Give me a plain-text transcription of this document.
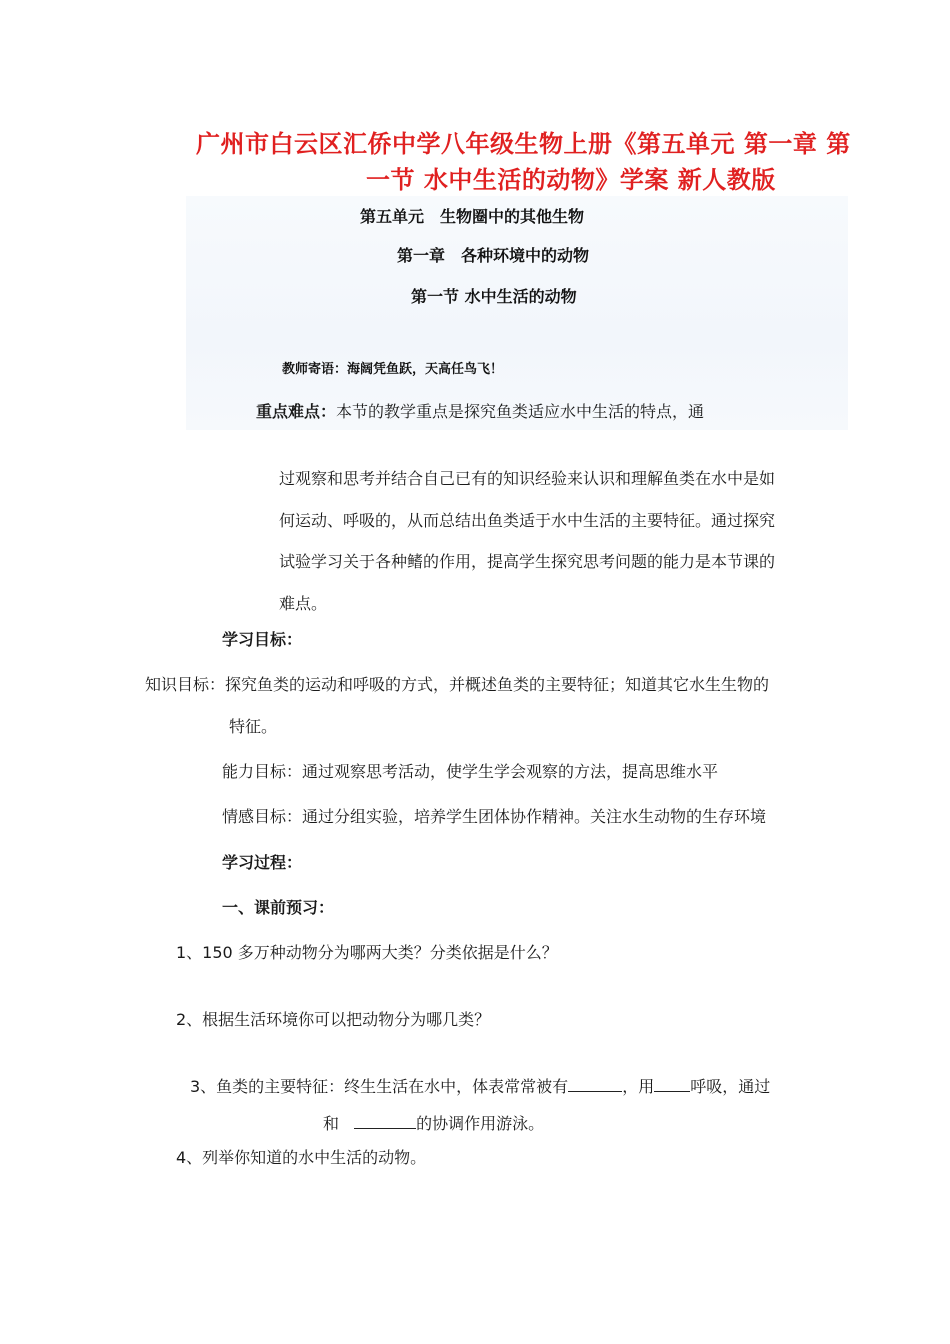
广州市白云区汇侨中学八年级生物上册《第五单元 第一章 第
一节 水中生活的动物》学案 新人教版
第五单元　生物圈中的其他生物
第一章　各种环境中的动物
第一节 水中生活的动物
教师寄语：海阔凭鱼跃，天高任鸟飞！
重点难点：本节的教学重点是探究鱼类适应水中生活的特点，通
过观察和思考并结合自己已有的知识经验来认识和理解鱼类在水中是如
何运动、呼吸的，从而总结出鱼类适于水中生活的主要特征。通过探究
试验学习关于各种鳍的作用，提高学生探究思考问题的能力是本节课的
难点。
学习目标：
知识目标：探究鱼类的运动和呼吸的方式，并概述鱼类的主要特征；知道其它水生生物的
特征。
能力目标：通过观察思考活动，使学生学会观察的方法，提高思维水平
情感目标：通过分组实验，培养学生团体协作精神。关注水生动物的生存环境
学习过程：
一、课前预习：
1、150 多万种动物分为哪两大类？分类依据是什么？
2、根据生活环境你可以把动物分为哪几类？
3、鱼类的主要特征：终生生活在水中，体表常常被有	，用 呼吸，通过
和	的协调作用游泳。
4、列举你知道的水中生活的动物。
